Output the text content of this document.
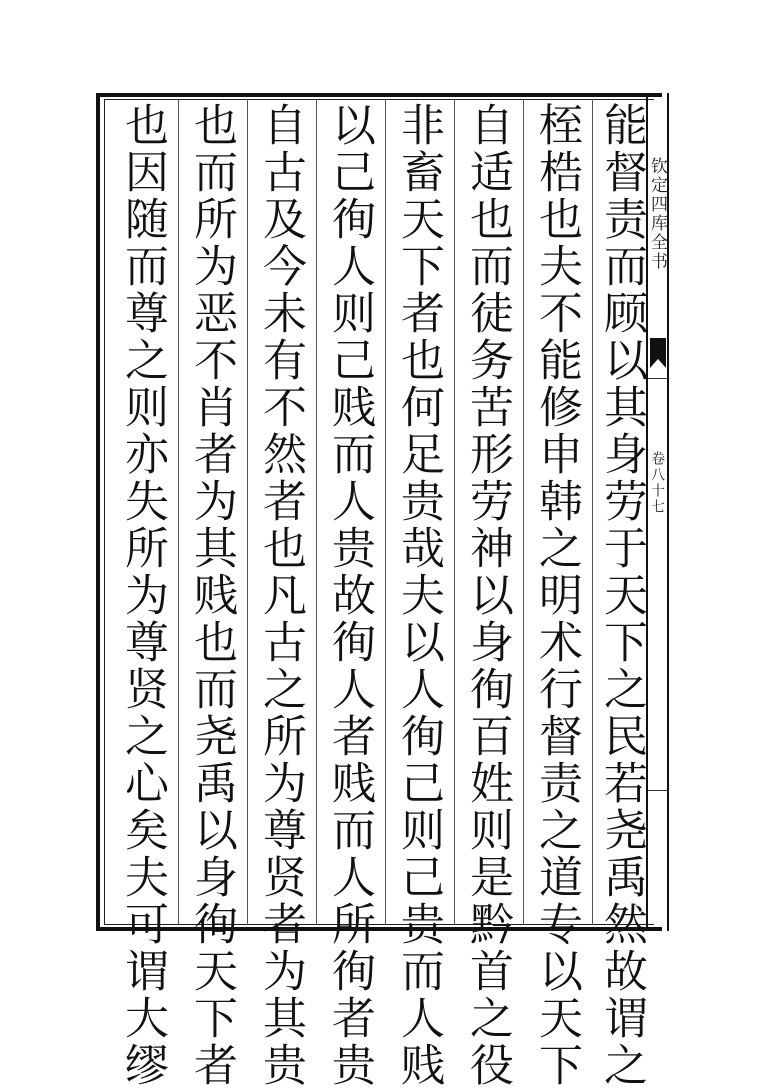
钦定四库全书
卷八十七
能督责而顾以其身劳于天下之民若尧禹然故谓之
桎梏也夫不能修申韩之明术行督责之道专以天下
自适也而徒务苦形劳神以身徇百姓则是黔首之役
非畜天下者也何足贵哉夫以人徇己则己贵而人贱
以己徇人则己贱而人贵故徇人者贱而人所徇者贵
自古及今未有不然者也凡古之所为尊贤者为其贵
也而所为恶不肖者为其贱也而尧禹以身徇天下者
也因随而尊之则亦失所为尊贤之心矣夫可谓大缪
